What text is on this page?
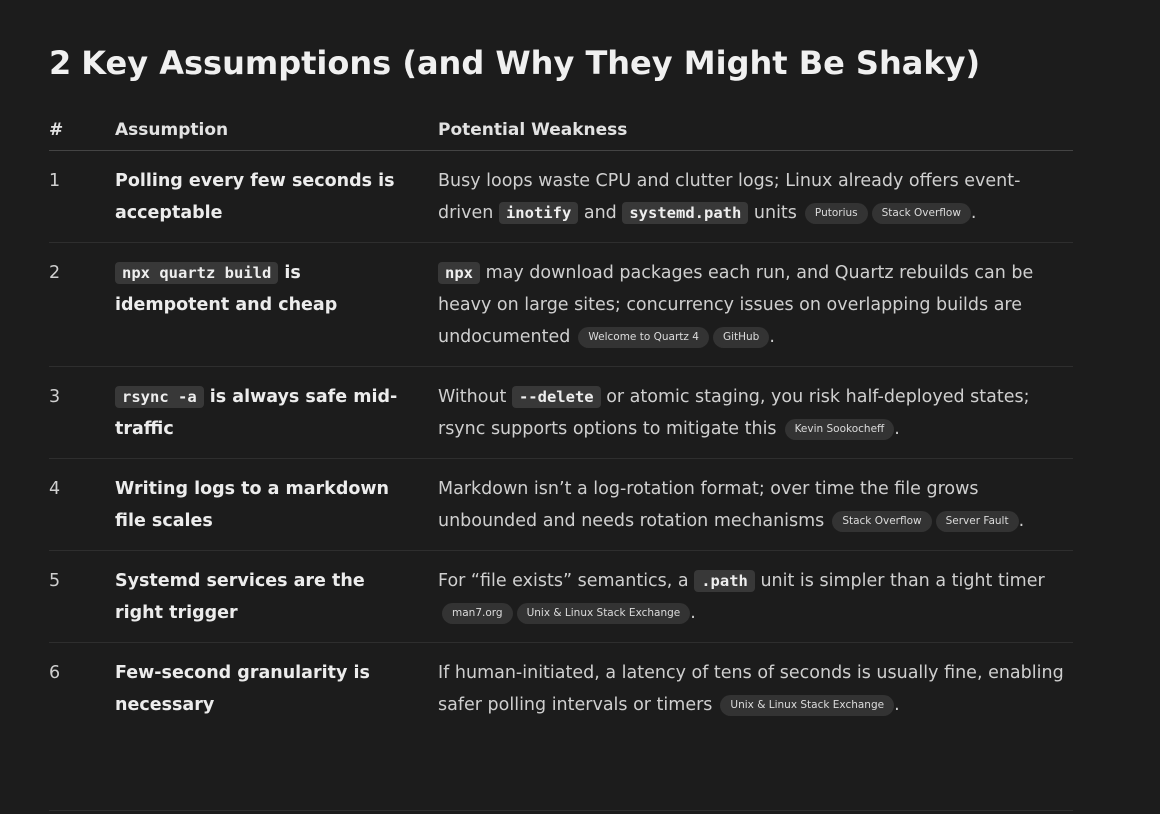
2 Key Assumptions (and Why They Might Be Shaky)
#	Assumption	Potential Weakness
1	Polling every few seconds is acceptable	Busy loops waste CPU and clutter logs; Linux already offers event-driven inotify and systemd.path units Putorius Stack Overflow .
2	npx quartz build is idempotent and cheap	npx may download packages each run, and Quartz rebuilds can be heavy on large sites; concurrency issues on overlapping builds are undocumented Welcome to Quartz 4 GitHub .
3	rsync -a is always safe mid-traffic	Without --delete or atomic staging, you risk half-deployed states; rsync supports options to mitigate this Kevin Sookocheff .
4	Writing logs to a markdown file scales	Markdown isn’t a log-rotation format; over time the file grows unbounded and needs rotation mechanisms Stack Overflow Server Fault .
5	Systemd services are the right trigger	For “file exists” semantics, a .path unit is simpler than a tight timer man7.org Unix & Linux Stack Exchange .
6	Few-second granularity is necessary	If human-initiated, a latency of tens of seconds is usually fine, enabling safer polling intervals or timers Unix & Linux Stack Exchange .
